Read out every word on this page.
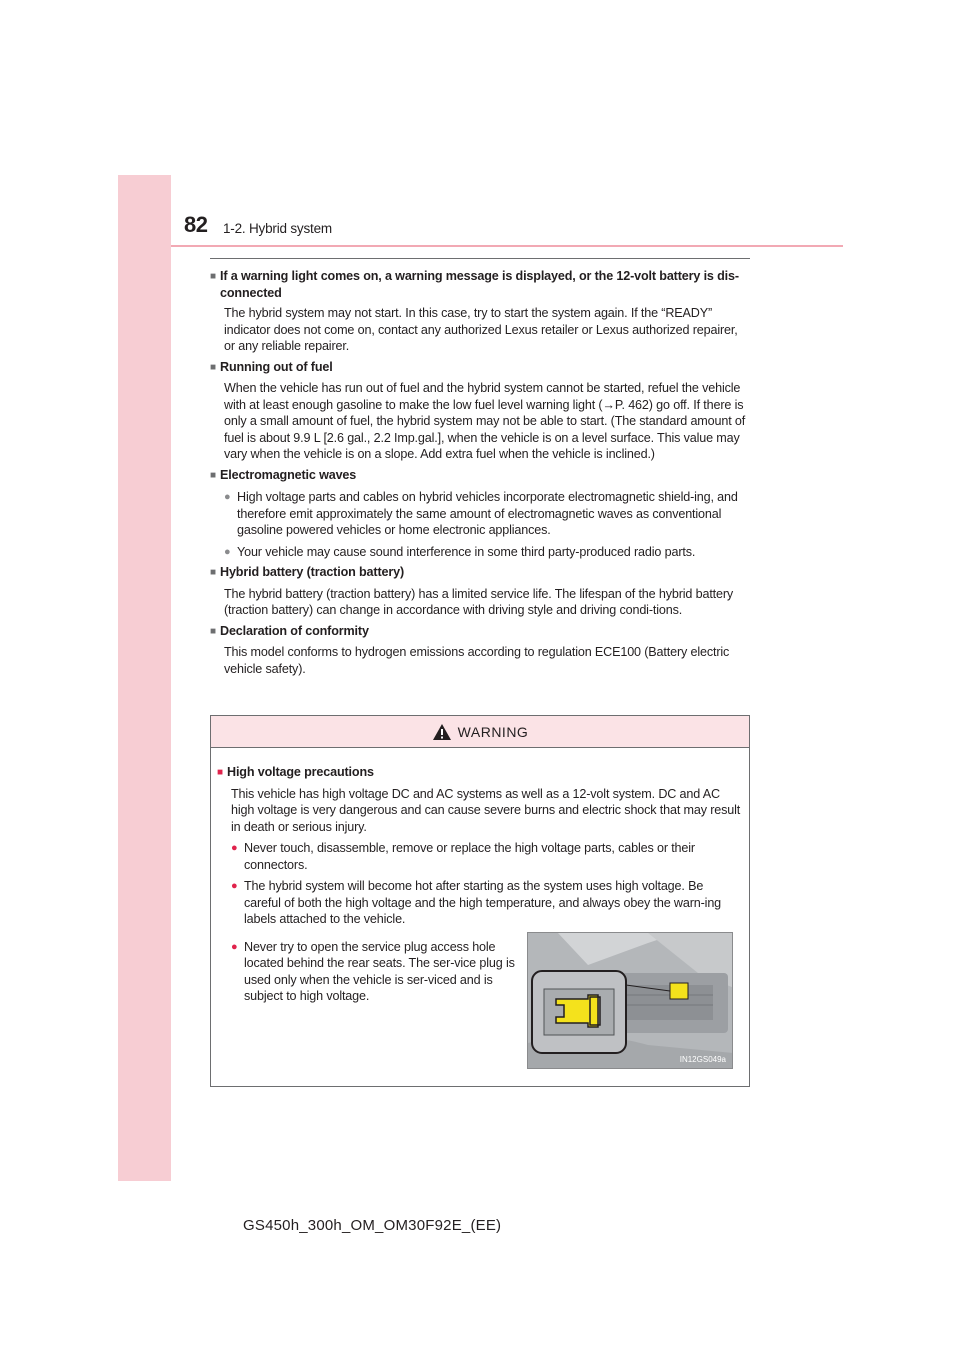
82 1-2. Hybrid system
■ If a warning light comes on, a warning message is displayed, or the 12-volt battery is dis-connected
The hybrid system may not start. In this case, try to start the system again. If the “READY” indicator does not come on, contact any authorized Lexus retailer or Lexus authorized repairer, or any reliable repairer.
■ Running out of fuel
When the vehicle has run out of fuel and the hybrid system cannot be started, refuel the vehicle with at least enough gasoline to make the low fuel level warning light (→P. 462) go off. If there is only a small amount of fuel, the hybrid system may not be able to start. (The standard amount of fuel is about 9.9 L [2.6 gal., 2.2 Imp.gal.], when the vehicle is on a level surface. This value may vary when the vehicle is on a slope. Add extra fuel when the vehicle is inclined.)
■ Electromagnetic waves
● High voltage parts and cables on hybrid vehicles incorporate electromagnetic shield-ing, and therefore emit approximately the same amount of electromagnetic waves as conventional gasoline powered vehicles or home electronic appliances.
● Your vehicle may cause sound interference in some third party-produced radio parts.
■ Hybrid battery (traction battery)
The hybrid battery (traction battery) has a limited service life. The lifespan of the hybrid battery (traction battery) can change in accordance with driving style and driving condi-tions.
■ Declaration of conformity
This model conforms to hydrogen emissions according to regulation ECE100 (Battery electric vehicle safety).
WARNING
■ High voltage precautions
This vehicle has high voltage DC and AC systems as well as a 12-volt system. DC and AC high voltage is very dangerous and can cause severe burns and electric shock that may result in death or serious injury.
● Never touch, disassemble, remove or replace the high voltage parts, cables or their connectors.
● The hybrid system will become hot after starting as the system uses high voltage. Be careful of both the high voltage and the high temperature, and always obey the warn-ing labels attached to the vehicle.
● Never try to open the service plug access hole located behind the rear seats. The ser-vice plug is used only when the vehicle is ser-viced and is subject to high voltage.
IN12GS049a
GS450h_300h_OM_OM30F92E_(EE)
